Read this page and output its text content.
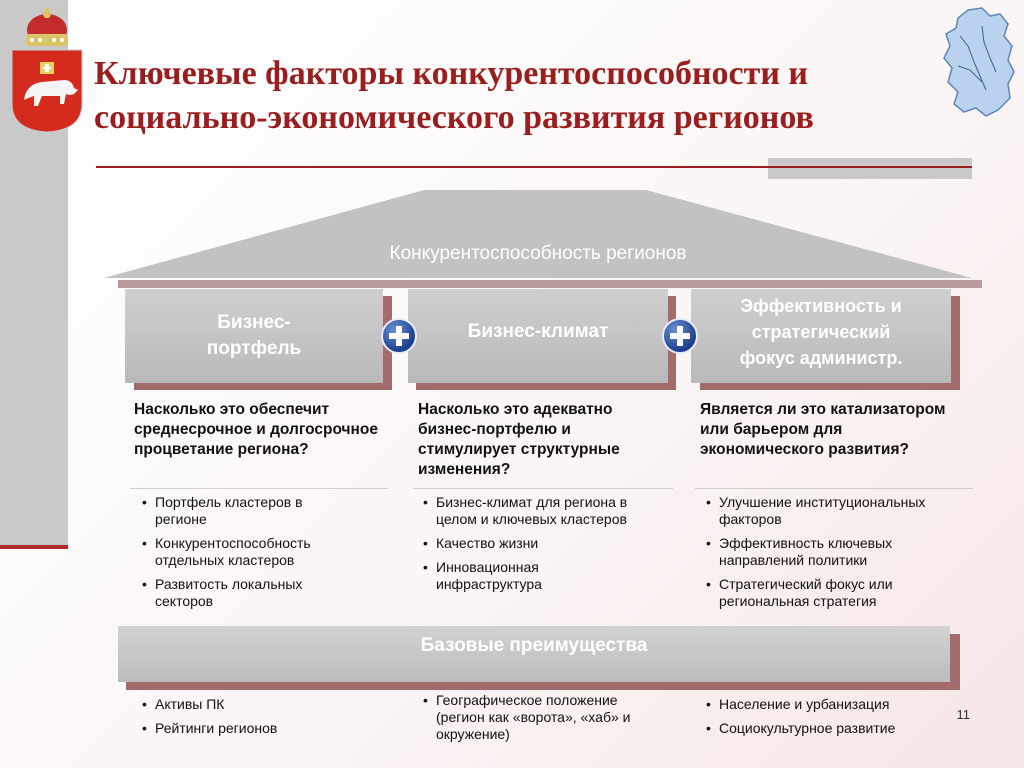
Ключевые факторы конкурентоспособности и
социально-экономического развития регионов
Конкурентоспособность регионов
Бизнес-
портфель
Бизнес-климат
Эффективность и стратегический
фокус администр.
Насколько это обеспечит среднесрочное и долгосрочное процветание региона?
Насколько это адекватно бизнес-портфелю и стимулирует структурные изменения?
Является ли это катализатором или барьером для экономического развития?
• Портфель кластеров в регионе
• Конкурентоспособность отдельных кластеров
• Развитость локальных секторов
• Бизнес-климат для региона в целом и ключевых кластеров
• Качество жизни
• Инновационная инфраструктура
• Улучшение институциональных факторов
• Эффективность ключевых направлений политики
• Стратегический фокус или региональная стратегия
Базовые преимущества
• Активы ПК
• Рейтинги регионов
• Географическое положение (регион как «ворота», «хаб» и окружение)
• Население и урбанизация
• Социокультурное развитие
11
